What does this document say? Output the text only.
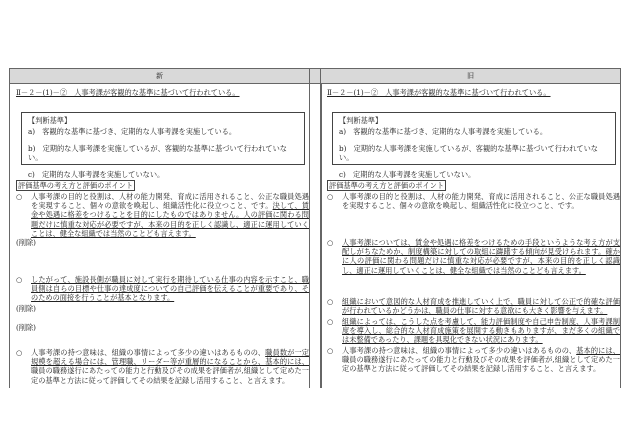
新
Ⅱ－２－(1)－②　人事考課が客観的な基準に基づいて行われている。
【判断基準】
a)　客観的な基準に基づき、定期的な人事考課を実施している。
b)　定期的な人事考課を実施しているが、客観的な基準に基づいて行われていない。
c)　定期的な人事考課を実施していない。
評価基準の考え方と評価のポイント
○ 人事考課の目的と役割は、人材の能力開発、育成に活用されること、公正な職員処遇を実現すること、個々の意欲を喚起し、組織活性化に役立つこと、です。決して、賃金や処遇に格差をつけることを目的にしたものではありません。人の評価に関わる問題だけに慎重な対応が必要ですが、本来の目的を正しく認識し、適正に運用していくことは、健全な組織では当然のことども言えます。
(削除)
○ したがって、施設長側が職員に対して実行を期待している仕事の内容を示すこと、職員側は自らの目標や仕事の達成度についての自己評価を伝えることが重要であり、そのための面接を行うことが基本となります。
(削除)
(削除)
○ 人事考課の持つ意味は、組織の事情によって多少の違いはあるものの、職員数が一定規模を超える場合には、管理職、リーダー等が重層的になることから、基本的には、職員の職務遂行にあたっての能力と行動及びその成果を評価者が,組織として定めた一定の基準と方法に従って評価してその結果を記録し活用すること、と言えます。
旧
Ⅱ－２－(1)－②　人事考課が客観的な基準に基づいて行われている。
【判断基準】
a)　客観的な基準に基づき、定期的な人事考課を実施している。
b)　定期的な人事考課を実施しているが、客観的な基準に基づいて行われていない。
c)　定期的な人事考課を実施していない。
評価基準の考え方と評価のポイント
○ 人事考課の目的と役割は、人材の能力開発、育成に活用されること、公正な職員処遇を実現すること、個々の意欲を喚起し、組織活性化に役立つこと、です。
○ 人事考課については、賃金や処遇に格差をつけるための手段というような考え方が支配しがちなためか、制度構築に対しての取組に躊躇する傾向が見受けられます。確かに人の評価に関わる問題だけに慎重な対応が必要ですが、本来の目的を正しく認識し、適正に運用していくことは、健全な組織では当然のことども言えます。
○ 組織において意図的な人材育成を推進していく上で、職員に対して公正で的確な評価が行われているかどうかは、職員の仕事に対する意欲にも大きく影響を与えます。
○ 組織によっては、こうした点を考慮して、能力評価制度や自己申告制度、人事考課制度を導入し、総合的な人材育成施策を展開する動きもありますが、まだ多くの組織では未整備であったり、課題を具現化できない状況にあります。
○ 人事考課の持つ意味は、組織の事情によって多少の違いはあるものの、基本的には、職員の職務遂行にあたっての能力と行動及びその成果を評価者が,組織として定めた一定の基準と方法に従って評価してその結果を記録し活用すること、と言えます。
